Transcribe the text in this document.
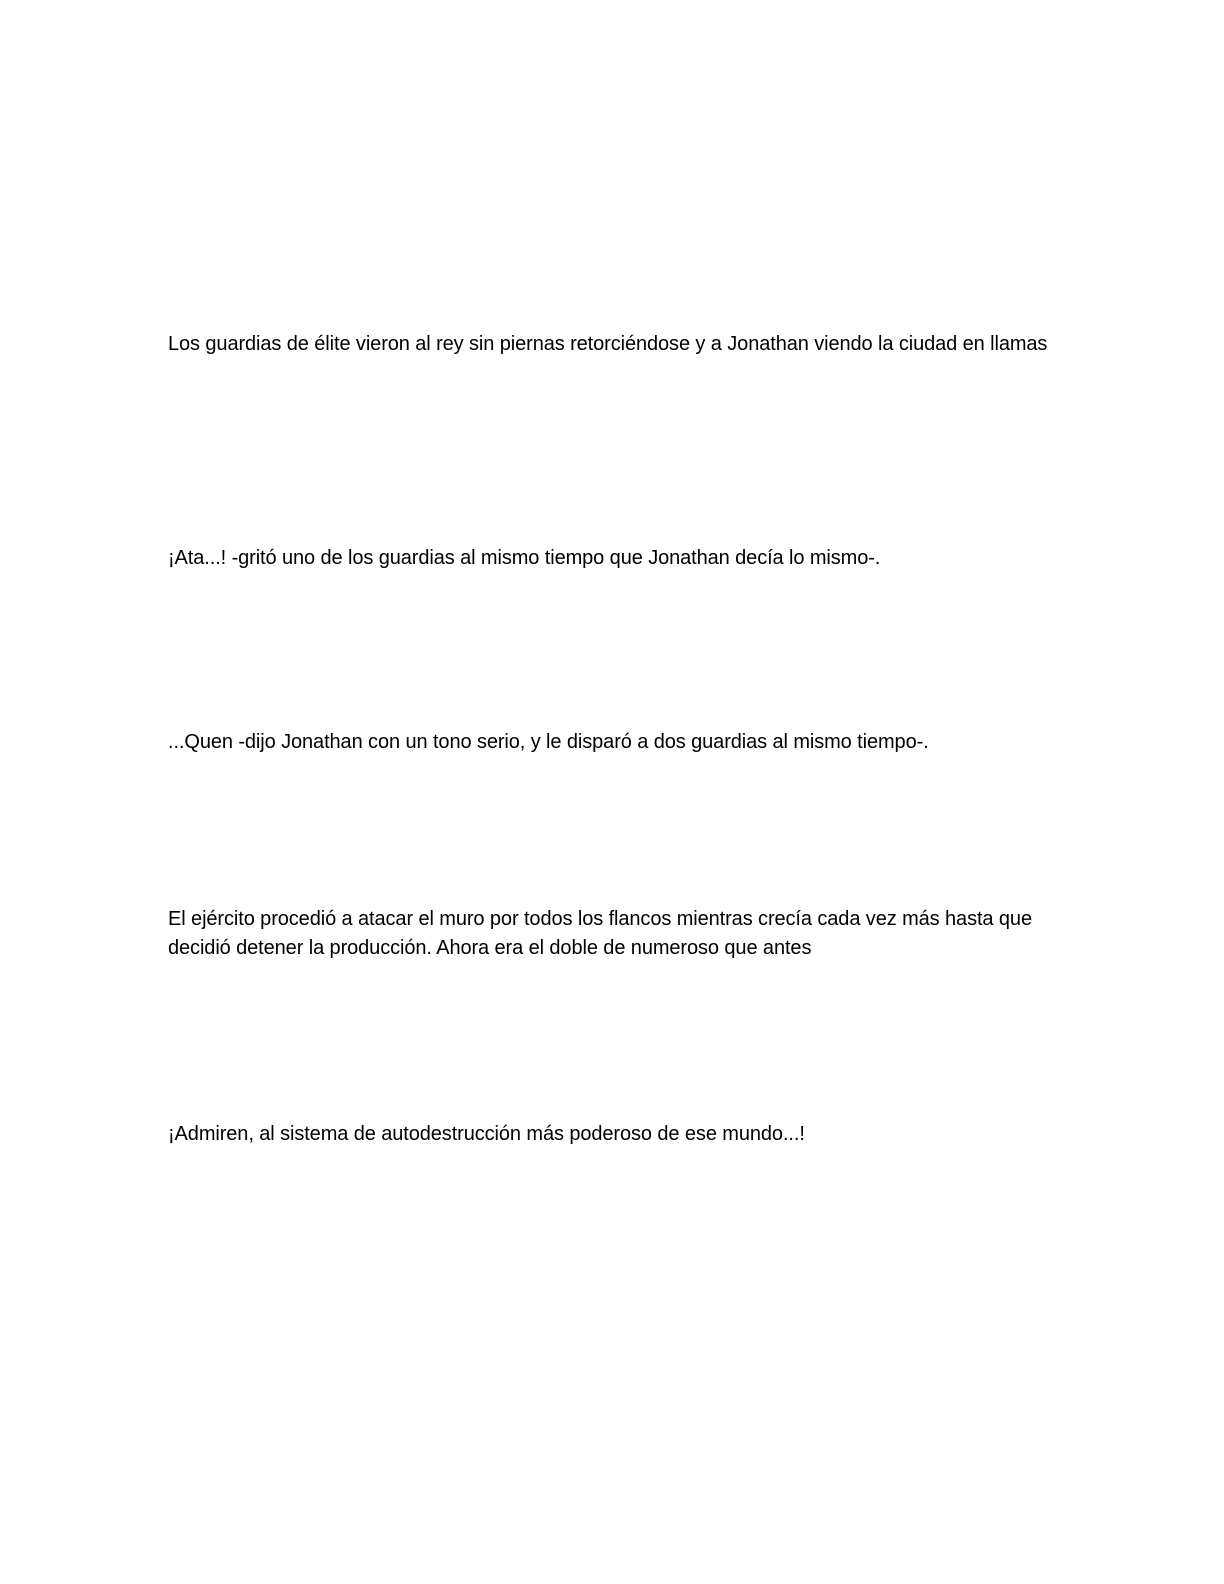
Los guardias de élite vieron al rey sin piernas retorciéndose y a Jonathan viendo la ciudad en llamas

¡Ata...! -gritó uno de los guardias al mismo tiempo que Jonathan decía lo mismo-.

...Quen -dijo Jonathan con un tono serio, y le disparó a dos guardias al mismo tiempo-.

El ejército procedió a atacar el muro por todos los flancos mientras crecía cada vez más hasta que decidió detener la producción. Ahora era el doble de numeroso que antes

¡Admiren, al sistema de autodestrucción más poderoso de ese mundo...!
